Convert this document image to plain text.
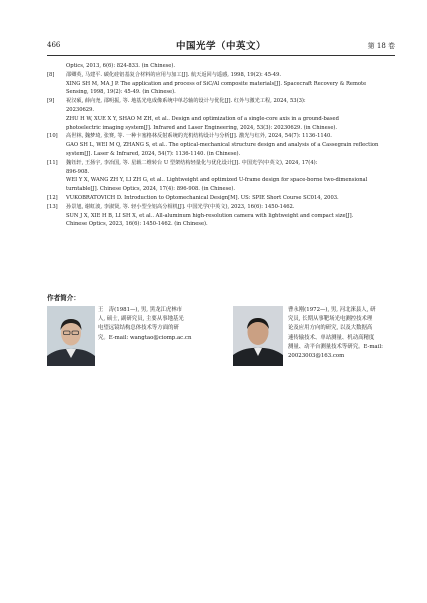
466	中国光学（中英文）	第 18 卷
Optics, 2013, 6(6): 824-833. (in Chinese).
[8] 邵卿英, 马建平. 碳化硅铝基复合材料的应用与加工[J]. 航天返回与遥感, 1998, 19(2): 45-49.
XING SH M, MA J P. The application and process of SiC/Al composite materials[J]. Spacecraft Recovery & Remote
Sensing, 1998, 19(2): 45-49. (in Chinese).
[9] 祝汉硕, 薛向尧, 邵明振, 等. 地基光电成像系统中单芯轴的设计与优化[J]. 红外与激光工程, 2024, 53(3):
20230629.
ZHU H W, XUE X Y, SHAO M ZH, et al.. Design and optimization of a single-core axis in a ground-based
photoelectric imaging system[J]. Infrared and Laser Engineering, 2024, 53(3): 20230629. (in Chinese).
[10] 高世林, 魏梦琦, 张赛, 等. 一种卡塞格林反射系统的光机结构设计与分析[J]. 激光与红外, 2024, 54(7): 1136-1140.
GAO SH L, WEI M Q, ZHANG S, et al.. The optical-mechanical structure design and analysis of a Cassegrain reflection
system[J]. Laser & Infrared, 2024, 54(7): 1136-1140. (in Chinese).
[11] 魏钰轩, 王扬宇, 李冶国, 等. 星载二维转台 U 型架结构轻量化与优化设计[J]. 中国光学(中英文), 2024, 17(4):
896-908.
WEI Y X, WANG ZH Y, LI ZH G, et al.. Lightweight and optimized U-frame design for space-borne two-dimensional
turntable[J]. Chinese Optics, 2024, 17(4): 896-908. (in Chinese).
[12] VUKOBRATOVICH D. Introduction to Optomechanical Design[M]. US: SPIE Short Course SC014, 2003.
[13] 孙景旭, 谢虹波, 李淑贤, 等. 轻小型全铝高分相机[J]. 中国光学(中英文), 2023, 16(6): 1450-1462.
SUN J X, XIE H B, LI SH X, et al.. All-aluminum high-resolution camera with lightweight and compact size[J].
Chinese Optics, 2023, 16(6): 1450-1462. (in Chinese).
作者简介：
王　涛(1981—), 男, 黑龙江虎林市
人, 硕士, 副研究员, 主要从事地基光
电望远镜结构总体技术等方面的研
究。E-mail: wangtao@ciomp.ac.cn
曹永刚(1972—), 男, 河北淶县人, 研
究员, 长期从事靶场光电测控技术理
论及应用方向的研究, 以及大数据高
速传输技术、单站测量、机动高精度
测量、动平台测量技术等研究。E-mail:
20023003@163.com
